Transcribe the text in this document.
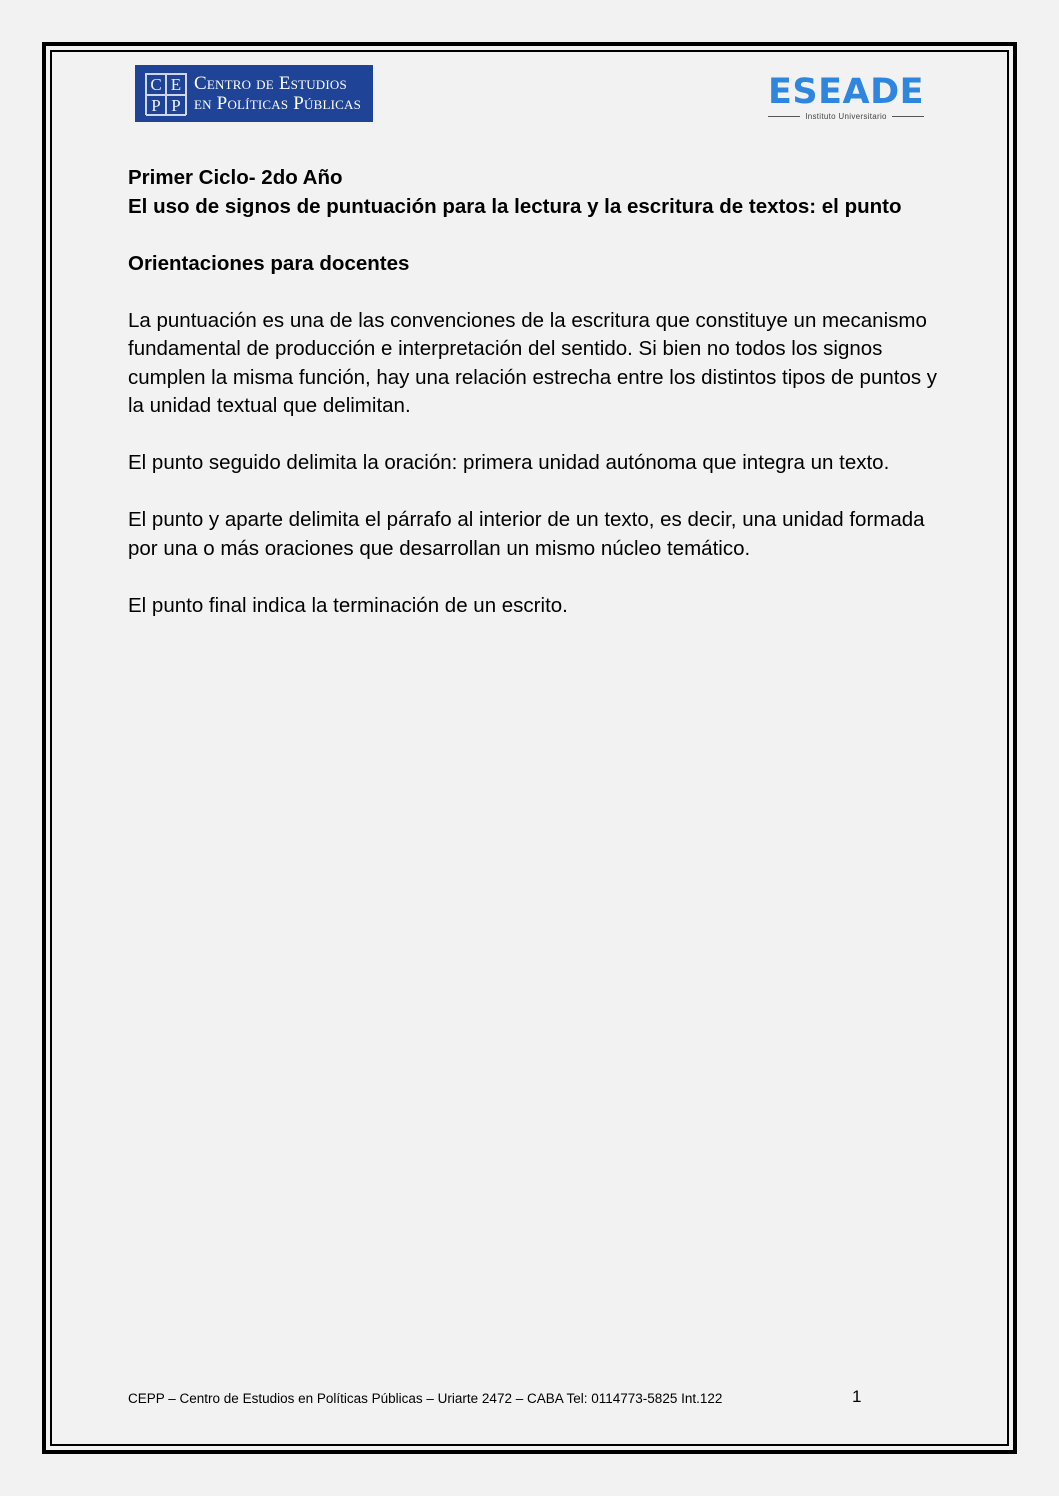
C E
P P
Centro de Estudios
en Políticas Públicas	ESEADE
Instituto Universitario

Primer Ciclo- 2do Año

El uso de signos de puntuación para la lectura y la escritura de textos: el punto

Orientaciones para docentes

La puntuación es una de las convenciones de la escritura que constituye un mecanismo fundamental de producción e interpretación del sentido. Si bien no todos los signos cumplen la misma función, hay una relación estrecha entre los distintos tipos de puntos y la unidad textual que delimitan.

El punto seguido delimita la oración: primera unidad autónoma que integra un texto.

El punto y aparte delimita el párrafo al interior de un texto, es decir, una unidad formada por una o más oraciones que desarrollan un mismo núcleo temático.

El punto final indica la terminación de un escrito.

CEPP – Centro de Estudios en Políticas Públicas – Uriarte 2472 – CABA Tel: 0114773-5825 Int.122	1
